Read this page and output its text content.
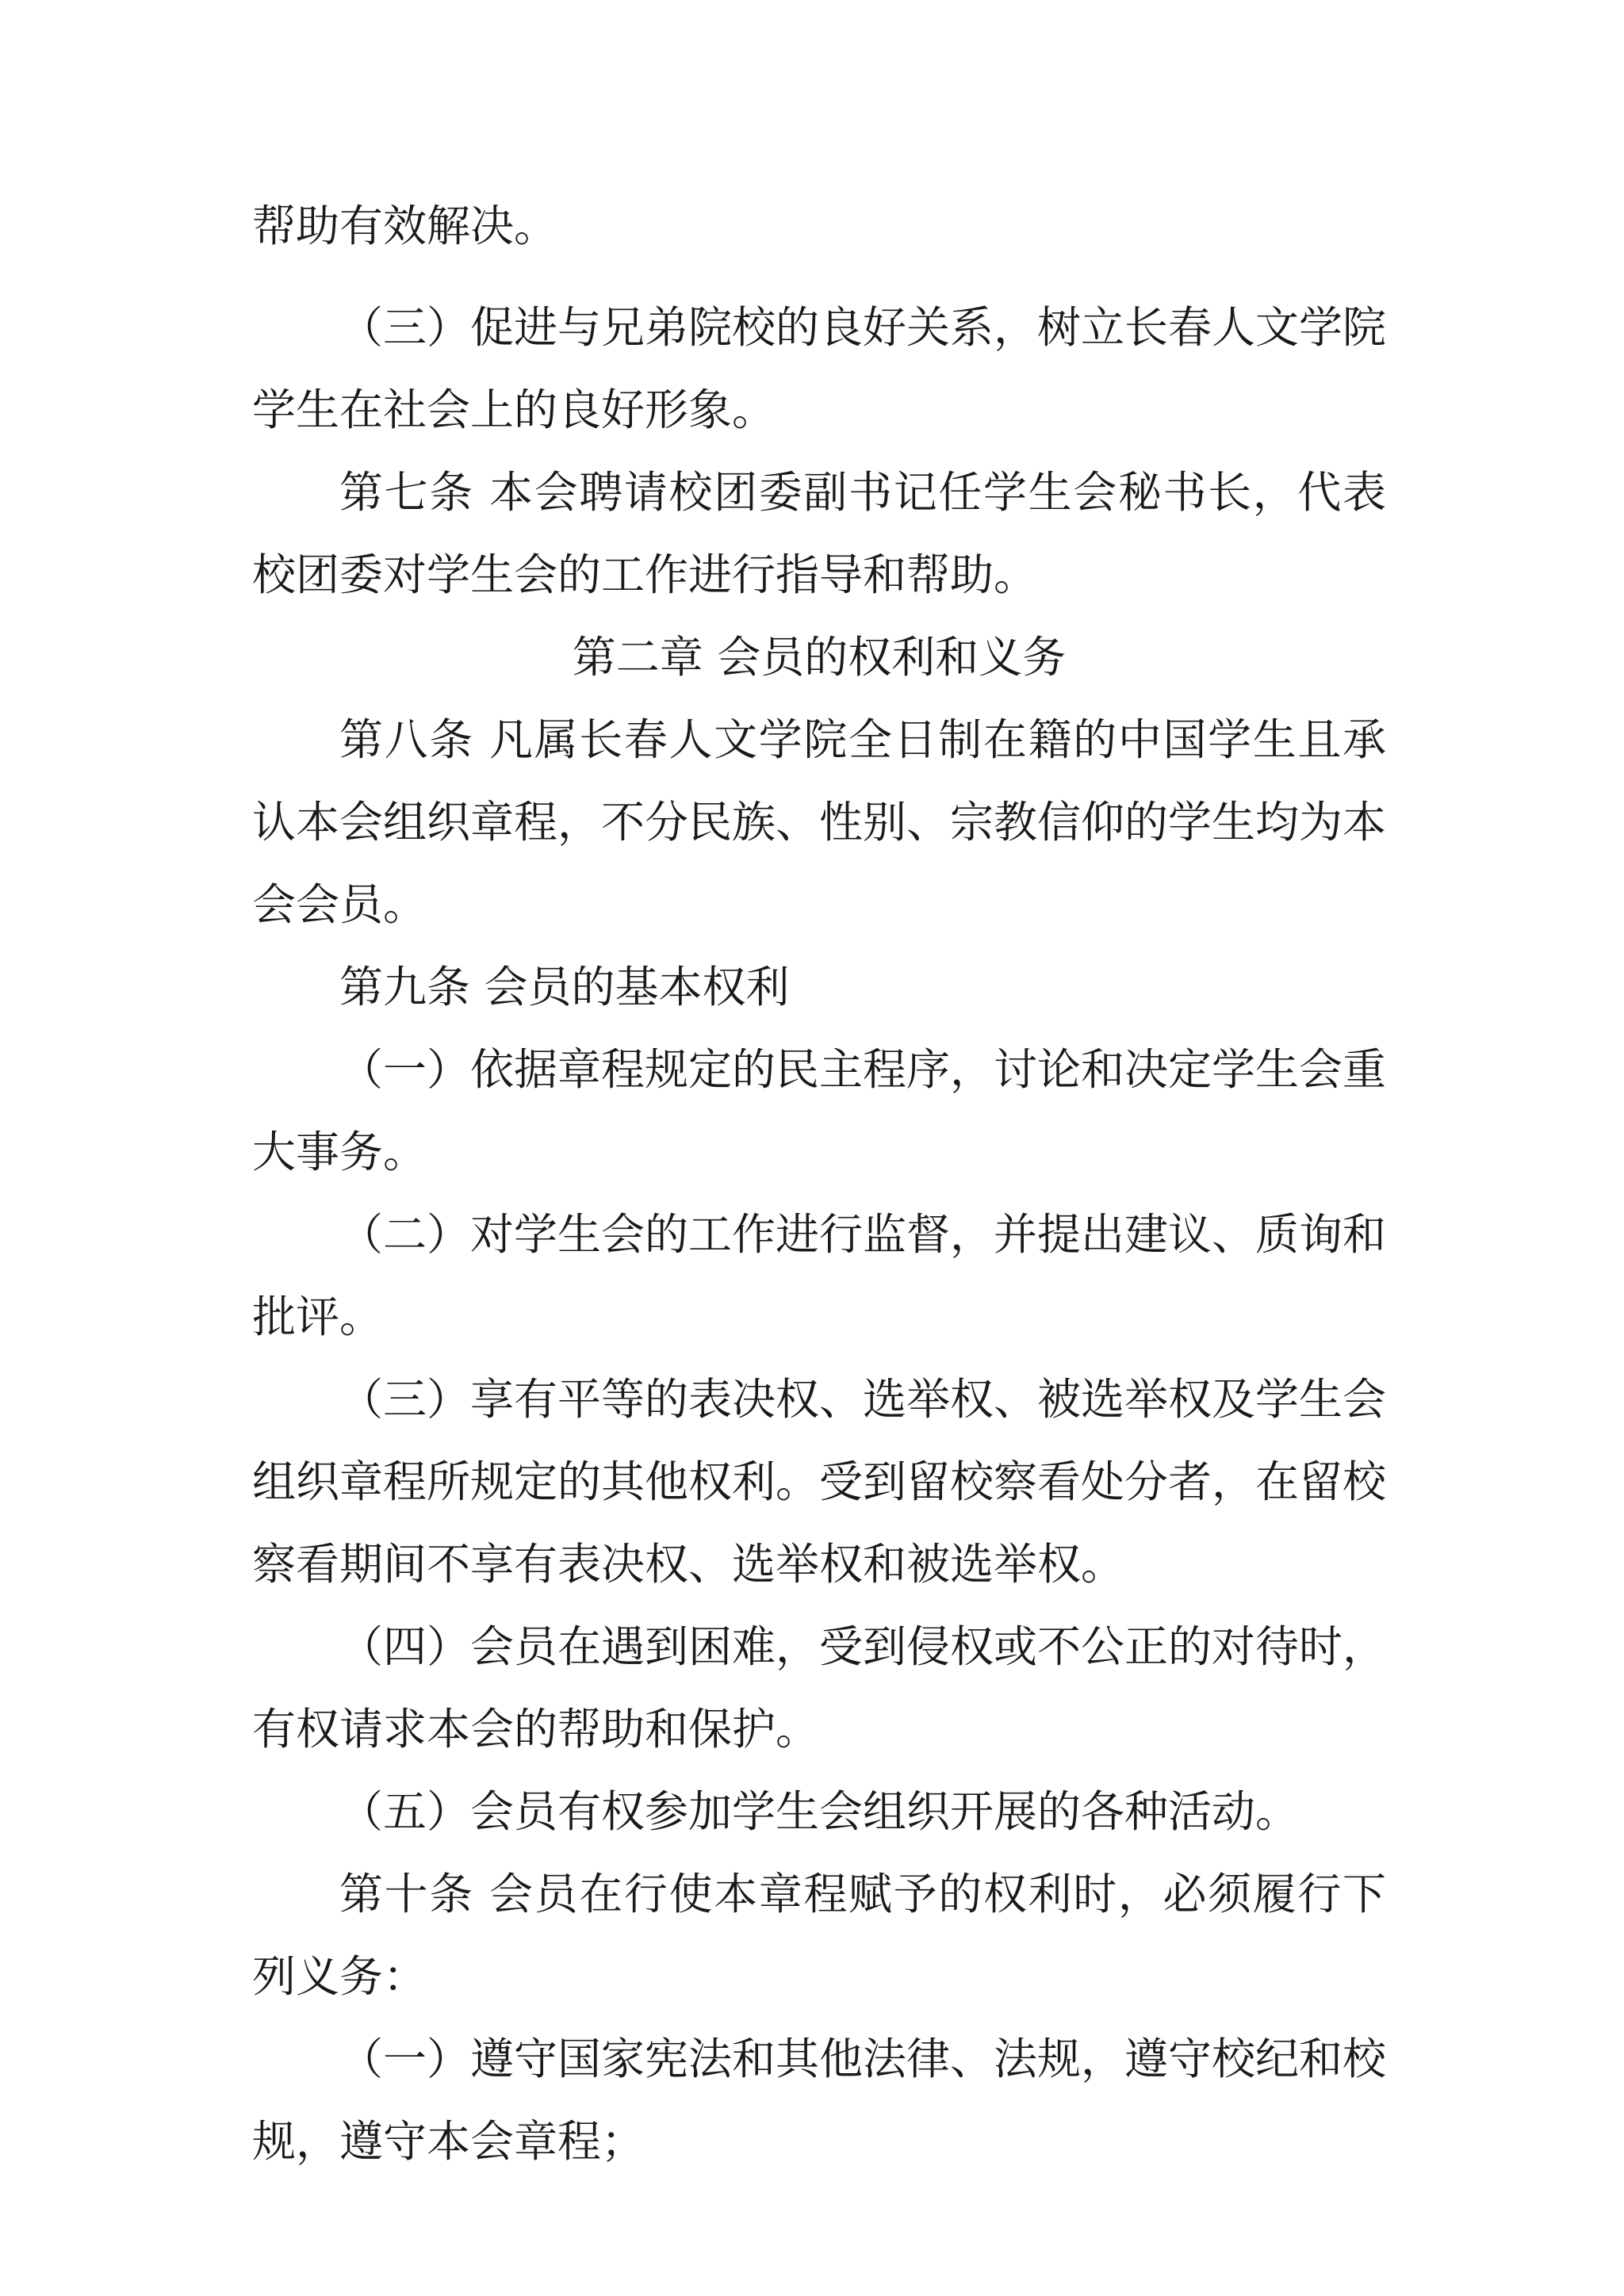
帮助有效解决。
（三）促进与兄弟院校的良好关系，树立长春人文学院
学生在社会上的良好形象。
第七条 本会聘请校团委副书记任学生会秘书长，代表
校团委对学生会的工作进行指导和帮助。
第二章 会员的权利和义务
第八条 凡属长春人文学院全日制在籍的中国学生且承
认本会组织章程，不分民族、性别、宗教信仰的学生均为本
会会员。
第九条 会员的基本权利
（一）依据章程规定的民主程序，讨论和决定学生会重
大事务。
（二）对学生会的工作进行监督，并提出建议、质询和
批评。
（三）享有平等的表决权、选举权、被选举权及学生会
组织章程所规定的其他权利。受到留校察看处分者，在留校
察看期间不享有表决权、选举权和被选举权。
（四）会员在遇到困难，受到侵权或不公正的对待时，
有权请求本会的帮助和保护。
（五）会员有权参加学生会组织开展的各种活动。
第十条 会员在行使本章程赋予的权利时，必须履行下
列义务：
（一）遵守国家宪法和其他法律、法规，遵守校纪和校
规，遵守本会章程；
